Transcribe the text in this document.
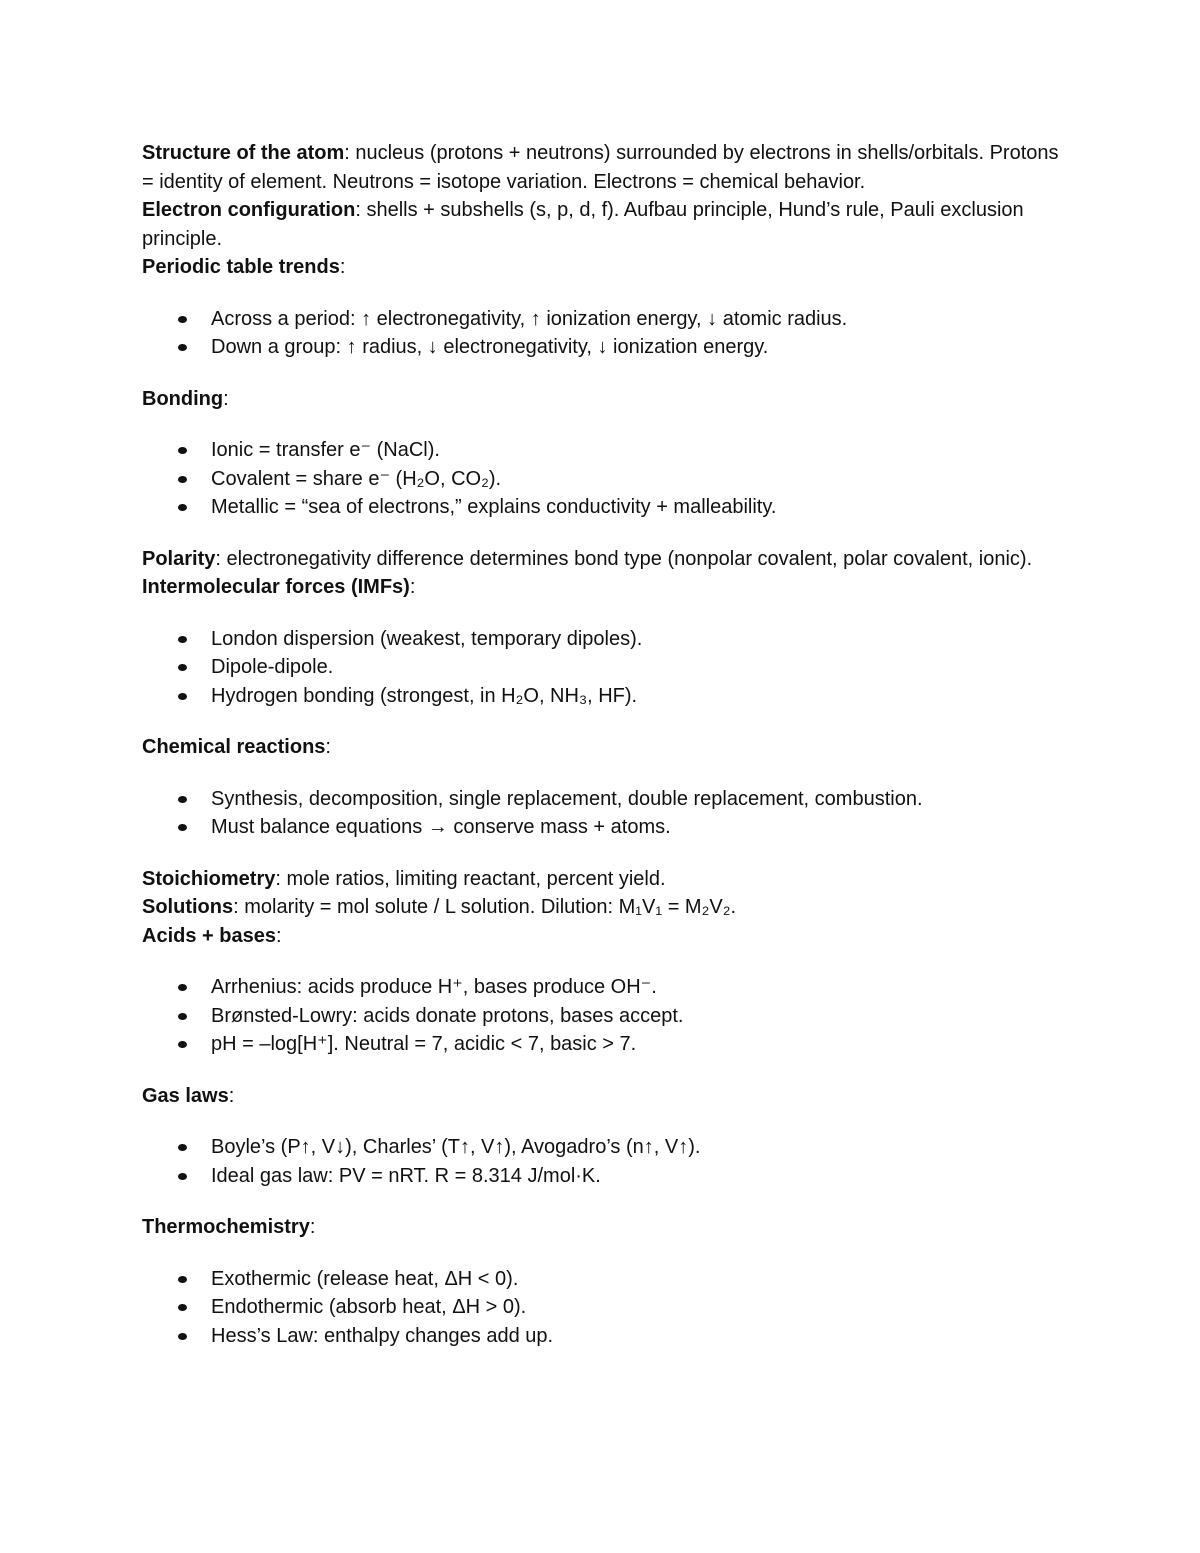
Structure of the atom: nucleus (protons + neutrons) surrounded by electrons in shells/orbitals. Protons = identity of element. Neutrons = isotope variation. Electrons = chemical behavior.

Electron configuration: shells + subshells (s, p, d, f). Aufbau principle, Hund’s rule, Pauli exclusion principle.

Periodic table trends:

Across a period: ↑ electronegativity, ↑ ionization energy, ↓ atomic radius.
Down a group: ↑ radius, ↓ electronegativity, ↓ ionization energy.

Bonding:

Ionic = transfer e⁻ (NaCl).
Covalent = share e⁻ (H₂O, CO₂).
Metallic = “sea of electrons,” explains conductivity + malleability.

Polarity: electronegativity difference determines bond type (nonpolar covalent, polar covalent, ionic).

Intermolecular forces (IMFs):

London dispersion (weakest, temporary dipoles).
Dipole-dipole.
Hydrogen bonding (strongest, in H₂O, NH₃, HF).

Chemical reactions:

Synthesis, decomposition, single replacement, double replacement, combustion.
Must balance equations → conserve mass + atoms.

Stoichiometry: mole ratios, limiting reactant, percent yield.

Solutions: molarity = mol solute / L solution. Dilution: M₁V₁ = M₂V₂.

Acids + bases:

Arrhenius: acids produce H⁺, bases produce OH⁻.
Brønsted-Lowry: acids donate protons, bases accept.
pH = –log[H⁺]. Neutral = 7, acidic < 7, basic > 7.

Gas laws:

Boyle’s (P↑, V↓), Charles’ (T↑, V↑), Avogadro’s (n↑, V↑).
Ideal gas law: PV = nRT. R = 8.314 J/mol·K.

Thermochemistry:

Exothermic (release heat, ΔH < 0).
Endothermic (absorb heat, ΔH > 0).
Hess’s Law: enthalpy changes add up.
